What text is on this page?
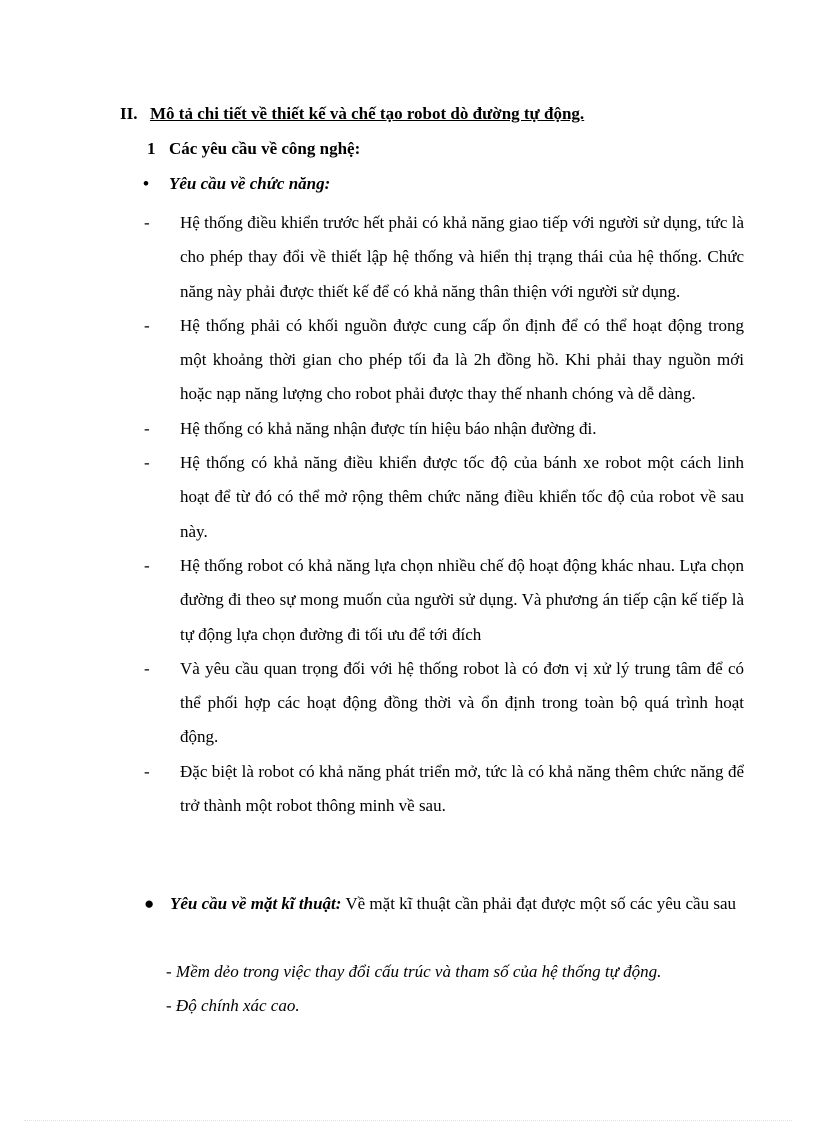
II. Mô tả chi tiết về thiết kế và chế tạo robot dò đường tự động.
1 Các yêu cầu về công nghệ:
• Yêu cầu về chức năng:
- Hệ thống điều khiển trước hết phải có khả năng giao tiếp với người sử dụng, tức là cho phép thay đổi về thiết lập hệ thống và hiển thị trạng thái của hệ thống. Chức năng này phải được thiết kế để có khả năng thân thiện với người sử dụng.
- Hệ thống phải có khối nguồn được cung cấp ổn định để có thể hoạt động trong một khoảng thời gian cho phép tối đa là 2h đồng hồ. Khi phải thay nguồn mới hoặc nạp năng lượng cho robot phải được thay thế nhanh chóng và dễ dàng.
- Hệ thống có khả năng nhận được tín hiệu báo nhận đường đi.
- Hệ thống có khả năng điều khiển được tốc độ của bánh xe robot một cách linh hoạt để từ đó có thể mở rộng thêm chức năng điều khiển tốc độ của robot về sau này.
- Hệ thống robot có khả năng lựa chọn nhiều chế độ hoạt động khác nhau. Lựa chọn đường đi theo sự mong muốn của người sử dụng. Và phương án tiếp cận kế tiếp là tự động lựa chọn đường đi tối ưu để tới đích
- Và yêu cầu quan trọng đối với hệ thống robot là có đơn vị xử lý trung tâm để có thể phối hợp các hoạt động đồng thời và ổn định trong toàn bộ quá trình hoạt động.
- Đặc biệt là robot có khả năng phát triển mở, tức là có khả năng thêm chức năng để trở thành một robot thông minh về sau.
● Yêu cầu về mặt kĩ thuật: Về mặt kĩ thuật cần phải đạt được một số các yêu cầu sau
- Mềm dẻo trong việc thay đổi cấu trúc và tham số của hệ thống tự động.
- Độ chính xác cao.
